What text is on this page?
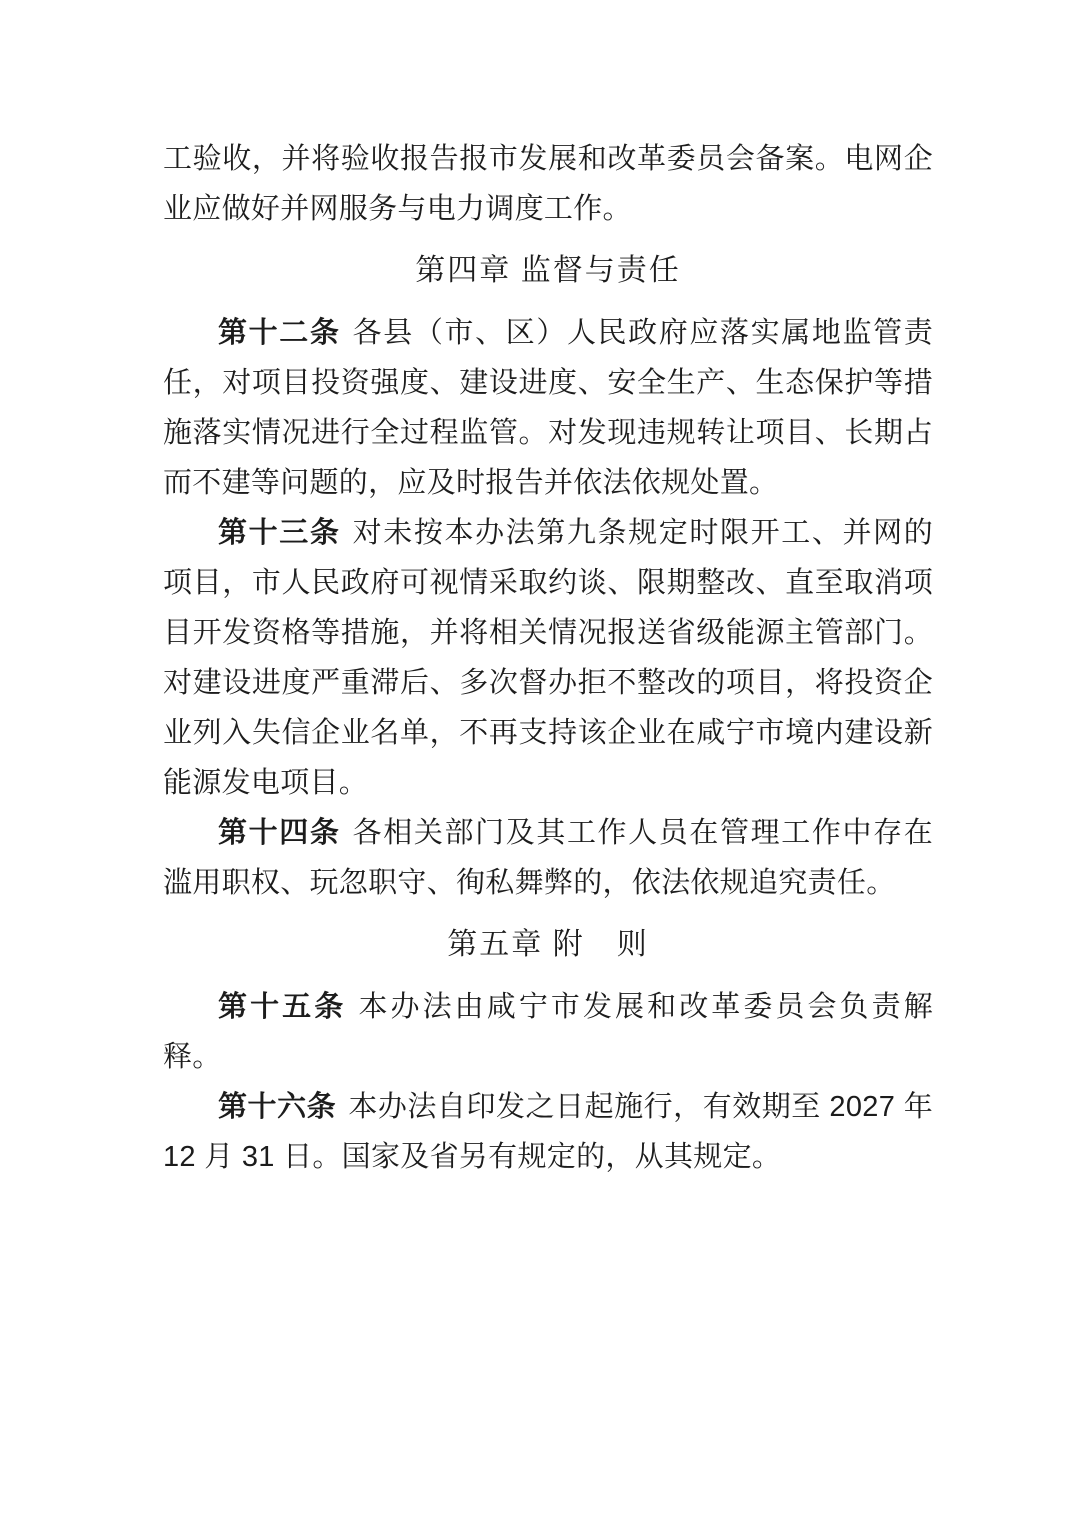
工验收，并将验收报告报市发展和改革委员会备案。电网企业应做好并网服务与电力调度工作。

第四章 监督与责任

第十二条 各县（市、区）人民政府应落实属地监管责任，对项目投资强度、建设进度、安全生产、生态保护等措施落实情况进行全过程监管。对发现违规转让项目、长期占而不建等问题的，应及时报告并依法依规处置。

第十三条 对未按本办法第九条规定时限开工、并网的项目，市人民政府可视情采取约谈、限期整改、直至取消项目开发资格等措施，并将相关情况报送省级能源主管部门。对建设进度严重滞后、多次督办拒不整改的项目，将投资企业列入失信企业名单，不再支持该企业在咸宁市境内建设新能源发电项目。

第十四条 各相关部门及其工作人员在管理工作中存在滥用职权、玩忽职守、徇私舞弊的，依法依规追究责任。

第五章 附　则

第十五条 本办法由咸宁市发展和改革委员会负责解释。

第十六条 本办法自印发之日起施行，有效期至 2027 年 12 月 31 日。国家及省另有规定的，从其规定。
